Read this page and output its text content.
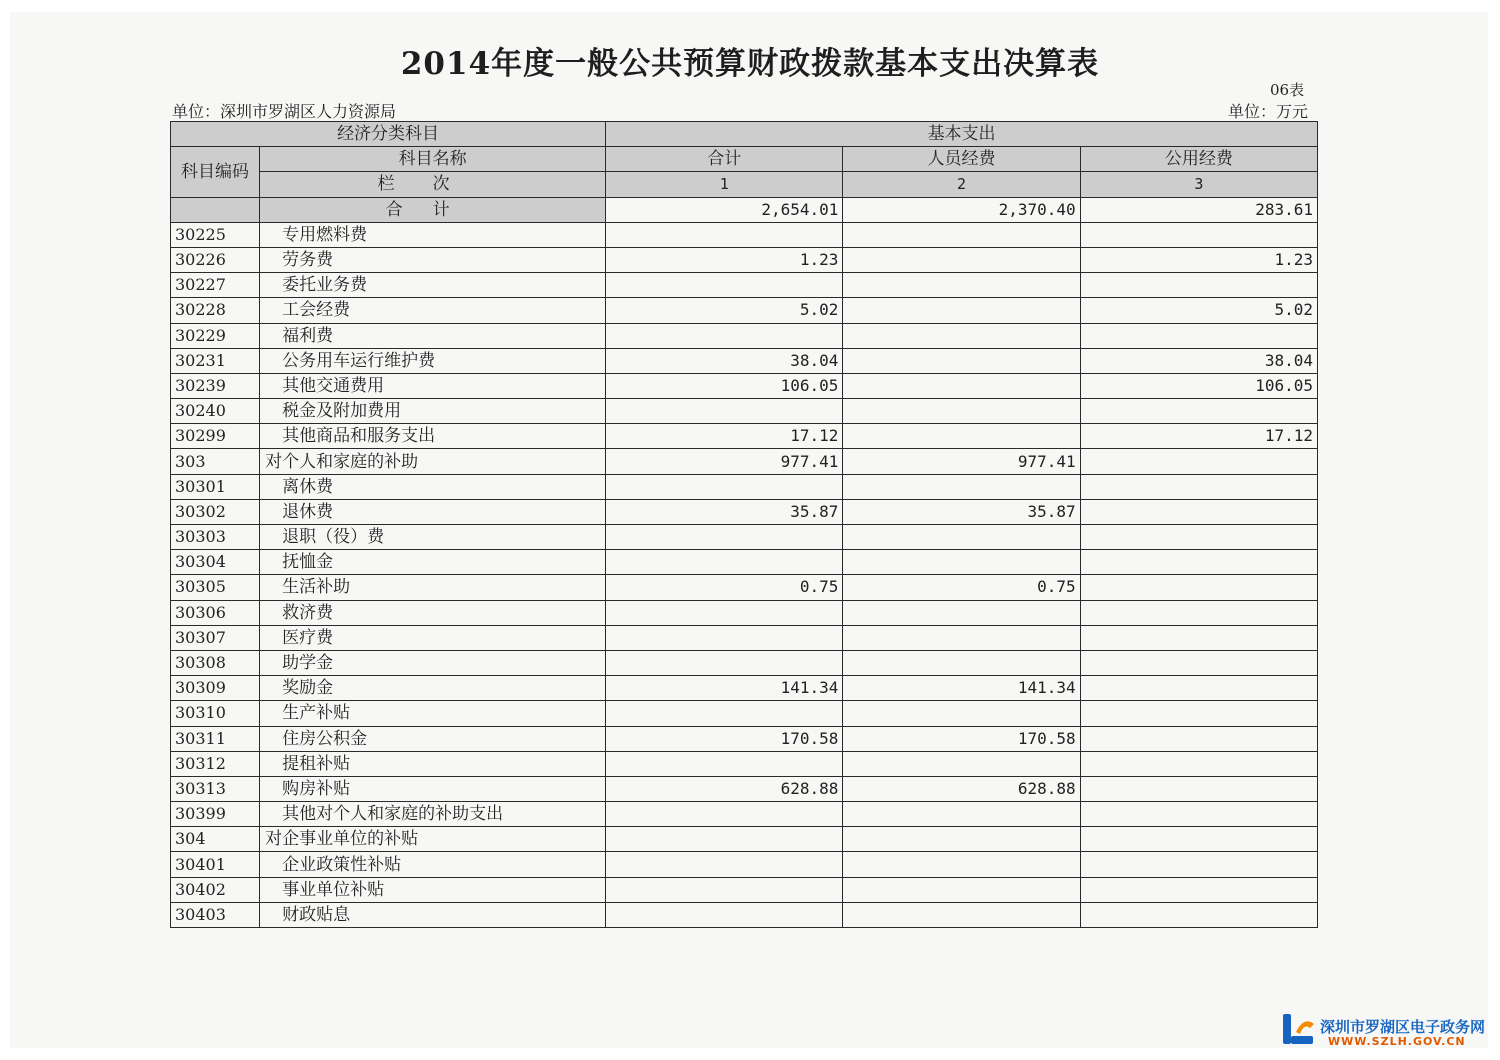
2014年度一般公共预算财政拨款基本支出决算表
06表
单位：深圳市罗湖区人力资源局	单位：万元
经济分类科目		基本支出		
科目编码	科目名称	合计	人员经费	公用经费
	栏次	1	2	3
	合计	2,654.01	2,370.40	283.61
30225	专用燃料费			
30226	劳务费	1.23		1.23
30227	委托业务费			
30228	工会经费	5.02		5.02
30229	福利费			
30231	公务用车运行维护费	38.04		38.04
30239	其他交通费用	106.05		106.05
30240	税金及附加费用			
30299	其他商品和服务支出	17.12		17.12
303	对个人和家庭的补助	977.41	977.41	
30301	离休费			
30302	退休费	35.87	35.87	
30303	退职（役）费			
30304	抚恤金			
30305	生活补助	0.75	0.75	
30306	救济费			
30307	医疗费			
30308	助学金			
30309	奖励金	141.34	141.34	
30310	生产补贴			
30311	住房公积金	170.58	170.58	
30312	提租补贴			
30313	购房补贴	628.88	628.88	
30399	其他对个人和家庭的补助支出			
304	对企事业单位的补贴			
30401	企业政策性补贴			
30402	事业单位补贴			
30403	财政贴息			
深圳市罗湖区电子政务网
WWW.SZLH.GOV.CN
